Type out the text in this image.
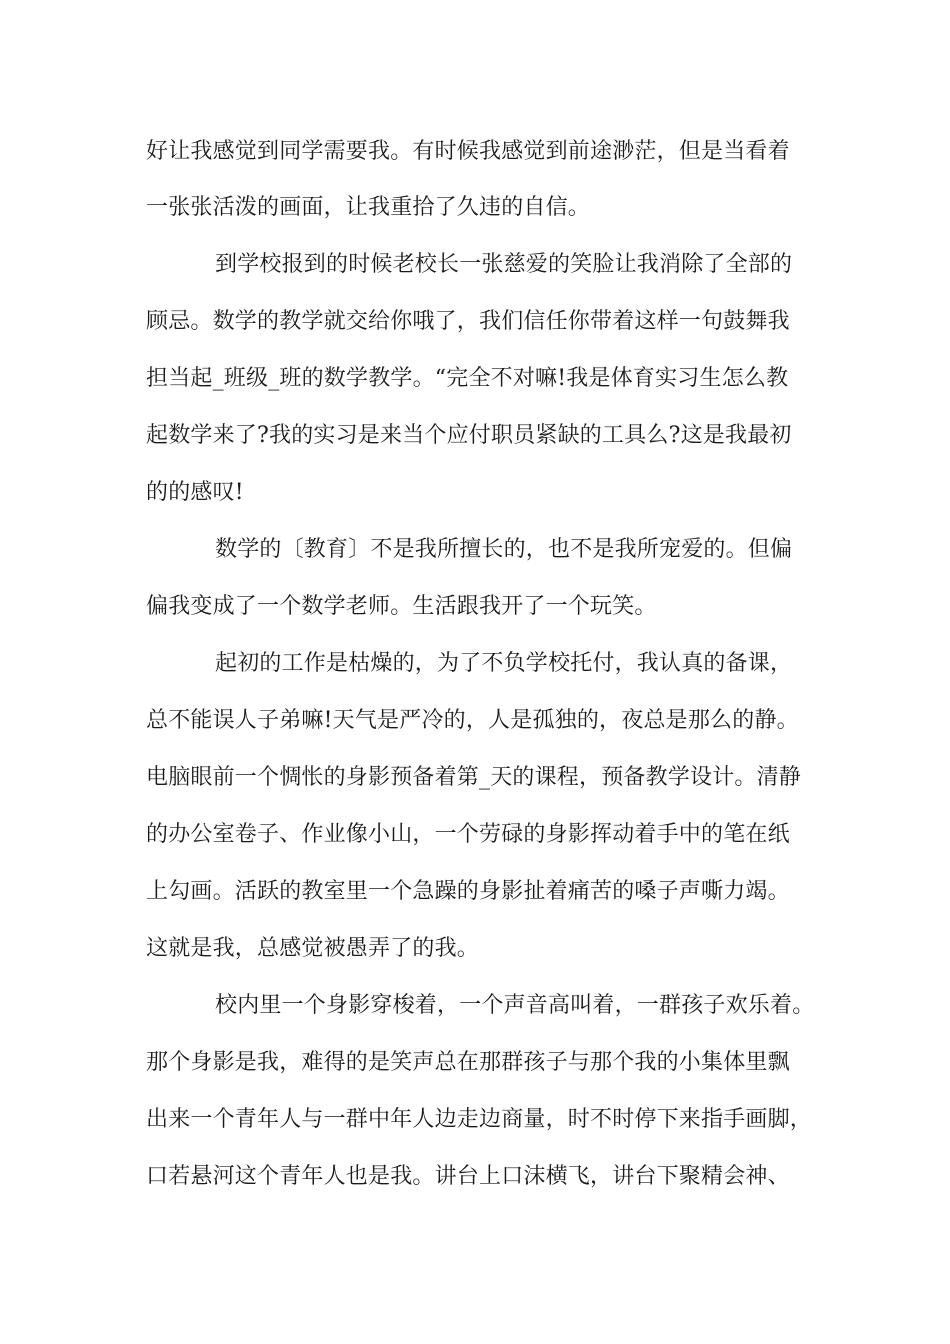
好让我感觉到同学需要我。有时候我感觉到前途渺茫，但是当看着
一张张活泼的画面，让我重拾了久违的自信。
到学校报到的时候老校长一张慈爱的笑脸让我消除了全部的
顾忌。数学的教学就交给你哦了，我们信任你带着这样一句鼓舞我
担当起_班级_班的数学教学。“完全不对嘛!我是体育实习生怎么教
起数学来了?我的实习是来当个应付职员紧缺的工具么?这是我最初
的的感叹!
数学的〔教育〕不是我所擅长的，也不是我所宠爱的。但偏
偏我变成了一个数学老师。生活跟我开了一个玩笑。
起初的工作是枯燥的，为了不负学校托付，我认真的备课，
总不能误人子弟嘛!天气是严冷的，人是孤独的，夜总是那么的静。
电脑眼前一个惆怅的身影预备着第_天的课程，预备教学设计。清静
的办公室卷子、作业像小山，一个劳碌的身影挥动着手中的笔在纸
上勾画。活跃的教室里一个急躁的身影扯着痛苦的嗓子声嘶力竭。
这就是我，总感觉被愚弄了的我。
校内里一个身影穿梭着，一个声音高叫着，一群孩子欢乐着。
那个身影是我，难得的是笑声总在那群孩子与那个我的小集体里飘
出来一个青年人与一群中年人边走边商量，时不时停下来指手画脚，
口若悬河这个青年人也是我。讲台上口沫横飞，讲台下聚精会神、
